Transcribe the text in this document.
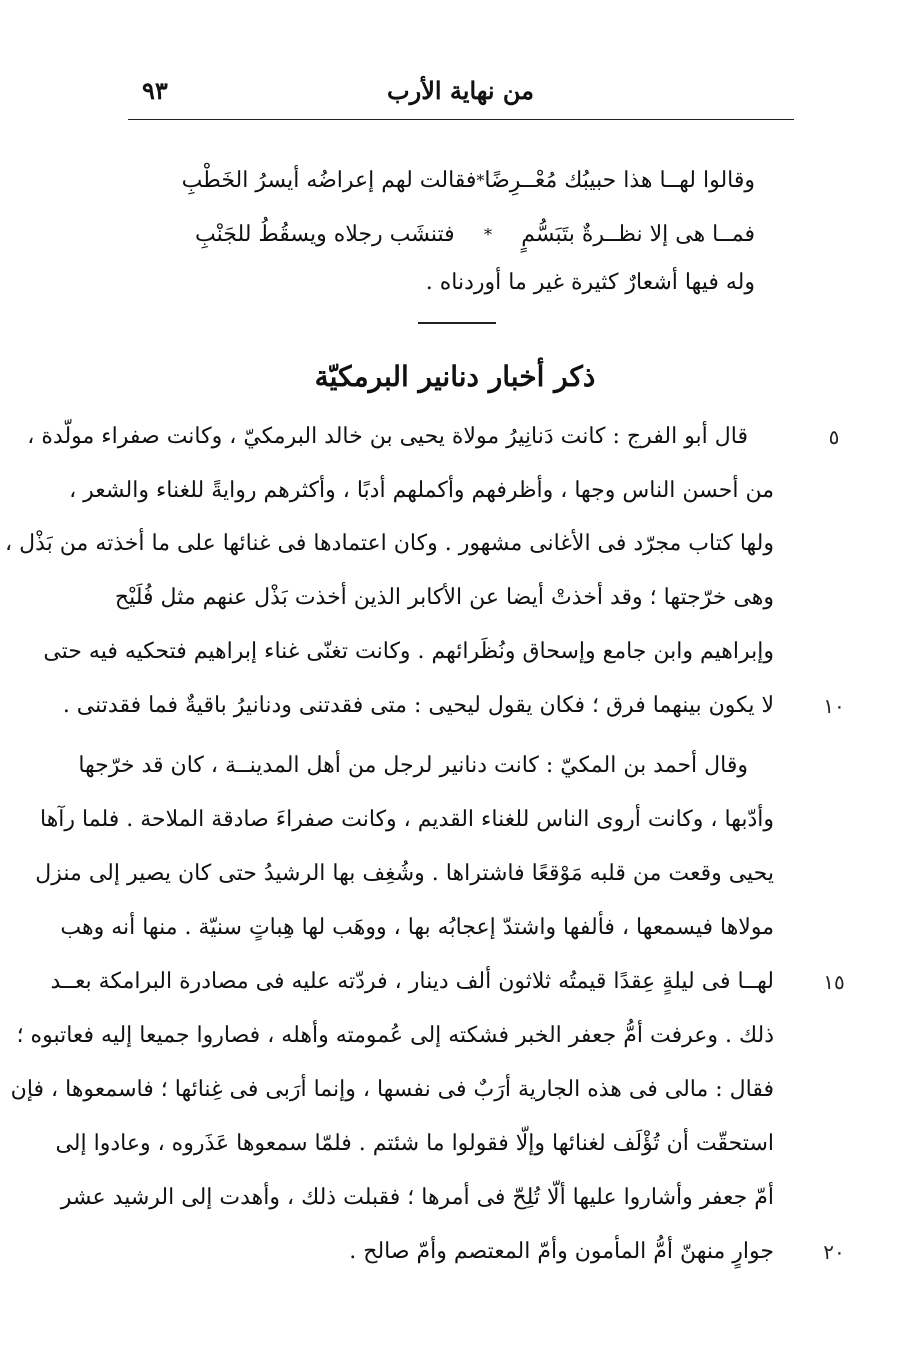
من نهاية الأرب
٩٣
وقالوا لهــا هذا حبيبُك مُعْــرِضًا
*
فقالت لهم إعراضُه أيسرُ الخَطْبِ
فمــا هى إلا نظــرةٌ بتَبَسُّمٍ
*
فتنشَب رجلاه ويسقُطُ للجَنْبِ
وله فيها أشعارٌ كثيرة غير ما أوردناه .
ذكر أخبار دنانير البرمكيّة
قال أبو الفرج : كانت دَنانِيرُ مولاة يحيى بن خالد البرمكيّ ، وكانت صفراء مولّدة ،
من أحسن الناس وجها ، وأظرفهم وأكملهم أدبًا ، وأكثرهم روايةً للغناء والشعر ،
ولها كتاب مجرّد فى الأغانى مشهور . وكان اعتمادها فى غنائها على ما أخذته من بَذْل ،
وهى خرّجتها ؛ وقد أخذتْ أيضا عن الأكابر الذين أخذت بَذْل عنهم مثل فُلَيْح
وإبراهيم وابن جامع وإسحاق ونُظَرائهم . وكانت تغنّى غناء إبراهيم فتحكيه فيه حتى
لا يكون بينهما فرق ؛ فكان يقول ليحيى : متى فقدتنى ودنانيرُ باقيةٌ فما فقدتنى .
وقال أحمد بن المكيّ : كانت دنانير لرجل من أهل المدينــة ، كان قد خرّجها
وأدّبها ، وكانت أروى الناس للغناء القديم ، وكانت صفراءَ صادقة الملاحة . فلما رآها
يحيى وقعت من قلبه مَوْقعًا فاشتراها . وشُغِف بها الرشيدُ حتى كان يصير إلى منزل
مولاها فيسمعها ، فألفها واشتدّ إعجابُه بها ، ووهَب لها هِباتٍ سنيّة . منها أنه وهب
لهــا فى ليلةٍ عِقدًا قيمتُه ثلاثون ألف دينار ، فردّته عليه فى مصادرة البرامكة بعــد
ذلك . وعرفت أمُّ جعفر الخبر فشكته إلى عُمومته وأهله ، فصاروا جميعا إليه فعاتبوه ؛
فقال : مالى فى هذه الجارية أرَبٌ فى نفسها ، وإنما أرَبى فى غِنائها ؛ فاسمعوها ، فإن
استحقّت أن تُؤْلَف لغنائها وإلّا فقولوا ما شئتم . فلمّا سمعوها عَذَروه ، وعادوا إلى
أمّ جعفر وأشاروا عليها ألّا تُلِحّ فى أمرها ؛ فقبلت ذلك ، وأهدت إلى الرشيد عشر
جوارٍ منهنّ أمُّ المأمون وأمّ المعتصم وأمّ صالح .
٥
١٠
١٥
٢٠
